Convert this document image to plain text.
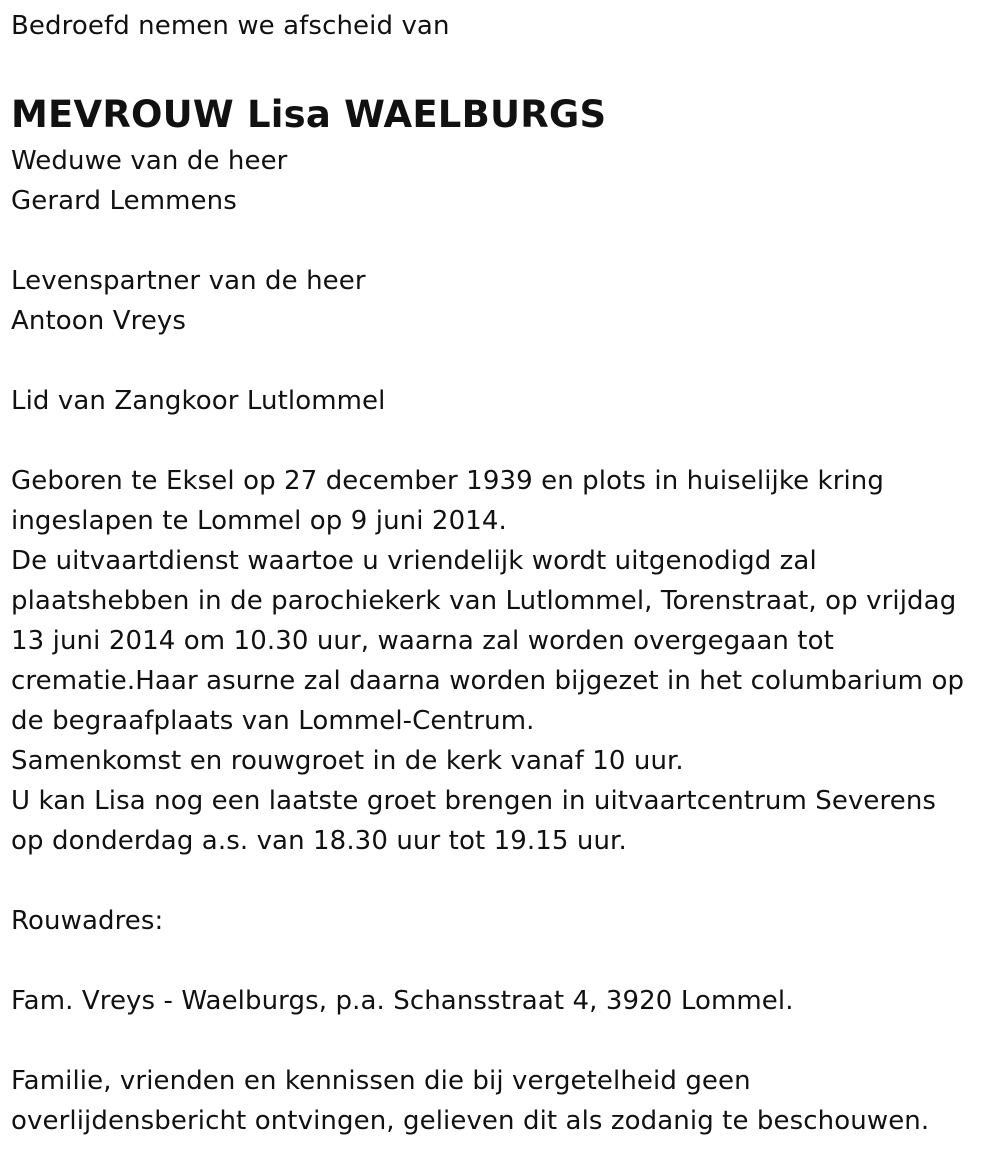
Bedroefd nemen we afscheid van
MEVROUW Lisa WAELBURGS
Weduwe van de heer
Gerard Lemmens
Levenspartner van de heer
Antoon Vreys
Lid van Zangkoor Lutlommel
Geboren te Eksel op 27 december 1939 en plots in huiselijke kring
ingeslapen te Lommel op 9 juni 2014.
De uitvaartdienst waartoe u vriendelijk wordt uitgenodigd zal
plaatshebben in de parochiekerk van Lutlommel, Torenstraat, op vrijdag
13 juni 2014 om 10.30 uur, waarna zal worden overgegaan tot
crematie.Haar asurne zal daarna worden bijgezet in het columbarium op
de begraafplaats van Lommel-Centrum.
Samenkomst en rouwgroet in de kerk vanaf 10 uur.
U kan Lisa nog een laatste groet brengen in uitvaartcentrum Severens
op donderdag a.s. van 18.30 uur tot 19.15 uur.
Rouwadres:
Fam. Vreys - Waelburgs, p.a. Schansstraat 4, 3920 Lommel.
Familie, vrienden en kennissen die bij vergetelheid geen
overlijdensbericht ontvingen, gelieven dit als zodanig te beschouwen.
